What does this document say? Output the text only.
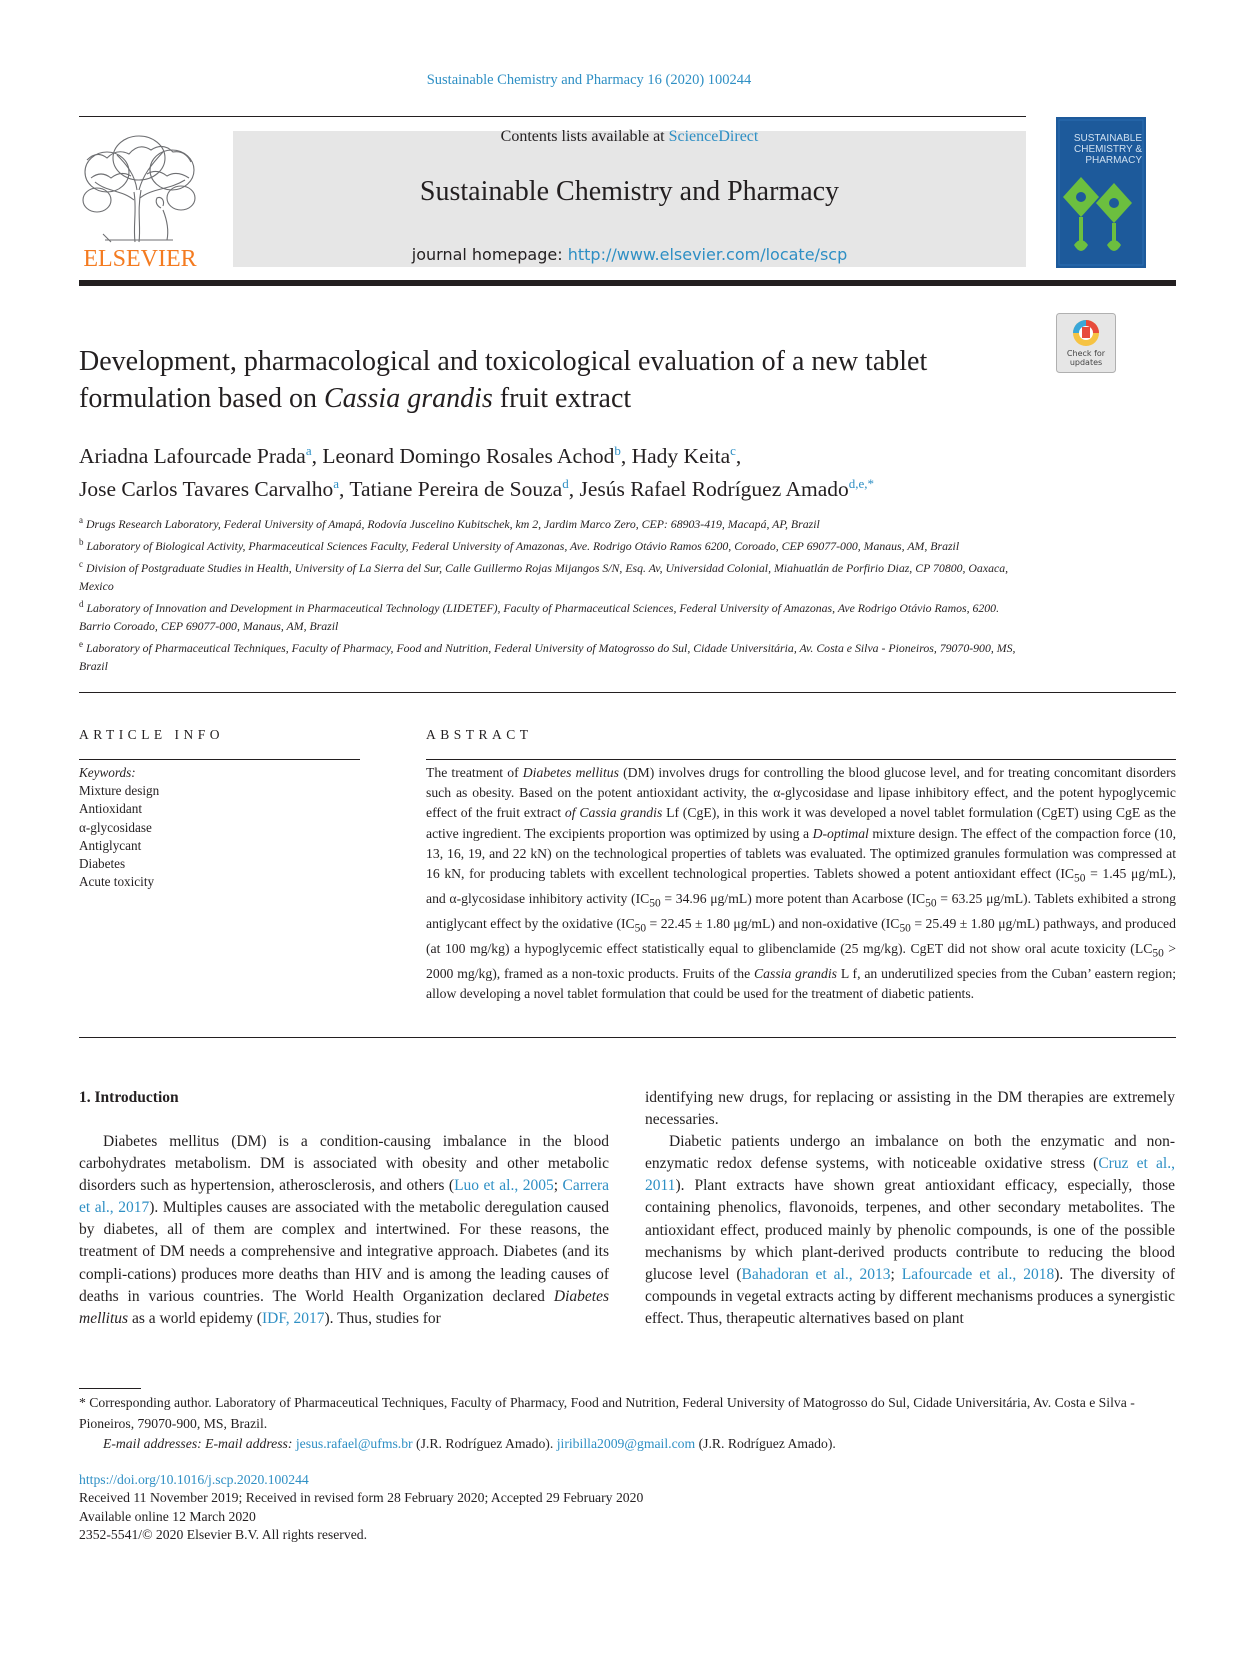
Sustainable Chemistry and Pharmacy 16 (2020) 100244
ELSEVIER
Contents lists available at ScienceDirect
Sustainable Chemistry and Pharmacy
journal homepage: http://www.elsevier.com/locate/scp
SUSTAINABLE
CHEMISTRY &
PHARMACY
Check for
updates
Development, pharmacological and toxicological evaluation of a new tablet
formulation based on Cassia grandis fruit extract
Ariadna Lafourcade Prada$^a$, Leonard Domingo Rosales Achod$^b$, Hady Keita$^c$,
Jose Carlos Tavares Carvalho$^a$, Tatiane Pereira de Souza$^d$, Jesús Rafael Rodríguez Amado$^{d,e,*}$
$^a$ Drugs Research Laboratory, Federal University of Amapá, Rodovía Juscelino Kubitschek, km 2, Jardim Marco Zero, CEP: 68903-419, Macapá, AP, Brazil
$^b$ Laboratory of Biological Activity, Pharmaceutical Sciences Faculty, Federal University of Amazonas, Ave. Rodrigo Otávio Ramos 6200, Coroado, CEP 69077-000, Manaus, AM, Brazil
$^c$ Division of Postgraduate Studies in Health, University of La Sierra del Sur, Calle Guillermo Rojas Mijangos S/N, Esq. Av, Universidad Colonial, Miahuatlán de Porfirio Diaz, CP 70800, Oaxaca, Mexico
$^d$ Laboratory of Innovation and Development in Pharmaceutical Technology (LIDETEF), Faculty of Pharmaceutical Sciences, Federal University of Amazonas, Ave Rodrigo Otávio Ramos, 6200. Barrio Coroado, CEP 69077-000, Manaus, AM, Brazil
$^e$ Laboratory of Pharmaceutical Techniques, Faculty of Pharmacy, Food and Nutrition, Federal University of Matogrosso do Sul, Cidade Universitária, Av. Costa e Silva - Pioneiros, 79070-900, MS, Brazil
ARTICLE INFO	ABSTRACT
Keywords:
Mixture design
Antioxidant
α-glycosidase
Antiglycant
Diabetes
Acute toxicity
The treatment of Diabetes mellitus (DM) involves drugs for controlling the blood glucose level, and for treating concomitant disorders such as obesity. Based on the potent antioxidant activity, the α-glycosidase and lipase inhibitory effect, and the potent hypoglycemic effect of the fruit extract of Cassia grandis Lf (CgE), in this work it was developed a novel tablet formulation (CgET) using CgE as the active ingredient. The excipients proportion was optimized by using a D-optimal mixture design. The effect of the compaction force (10, 13, 16, 19, and 22 kN) on the technological properties of tablets was evaluated. The optimized granules formulation was compressed at 16 kN, for producing tablets with excellent technological properties. Tablets showed a potent antioxidant effect ($IC_{50} = 1.45$ μg/mL), and α-glycosidase inhibitory activity ($IC_{50} = 34.96$ μg/mL) more potent than Acarbose ($IC_{50} = 63.25$ μg/mL). Tablets exhibited a strong antiglycant effect by the oxidative ($IC_{50} = 22.45 \pm 1.80$ μg/mL) and non-oxidative ($IC_{50} = 25.49 \pm 1.80$ μg/mL) pathways, and produced (at 100 mg/kg) a hypoglycemic effect statistically equal to glibenclamide (25 mg/kg). CgET did not show oral acute toxicity ($LC_{50} > 2000$ mg/kg), framed as a non-toxic products. Fruits of the Cassia grandis L f, an underutilized species from the Cuban’ eastern region; allow developing a novel tablet formulation that could be used for the treatment of diabetic patients.
1. Introduction

Diabetes mellitus (DM) is a condition-causing imbalance in the blood carbohydrates metabolism. DM is associated with obesity and other metabolic disorders such as hypertension, atherosclerosis, and others (Luo et al., 2005; Carrera et al., 2017). Multiples causes are associated with the metabolic deregulation caused by diabetes, all of them are complex and intertwined. For these reasons, the treatment of DM needs a comprehensive and integrative approach. Diabetes (and its compli-cations) produces more deaths than HIV and is among the leading causes of deaths in various countries. The World Health Organization declared Diabetes mellitus as a world epidemy (IDF, 2017). Thus, studies for

identifying new drugs, for replacing or assisting in the DM therapies are extremely necessaries.

Diabetic patients undergo an imbalance on both the enzymatic and non-enzymatic redox defense systems, with noticeable oxidative stress (Cruz et al., 2011). Plant extracts have shown great antioxidant efficacy, especially, those containing phenolics, flavonoids, terpenes, and other secondary metabolites. The antioxidant effect, produced mainly by phenolic compounds, is one of the possible mechanisms by which plant-derived products contribute to reducing the blood glucose level (Bahadoran et al., 2013; Lafourcade et al., 2018). The diversity of compounds in vegetal extracts acting by different mechanisms produces a synergistic effect. Thus, therapeutic alternatives based on plant

* Corresponding author. Laboratory of Pharmaceutical Techniques, Faculty of Pharmacy, Food and Nutrition, Federal University of Matogrosso do Sul, Cidade Universitária, Av. Costa e Silva - Pioneiros, 79070-900, MS, Brazil.
E-mail addresses: E-mail address: jesus.rafael@ufms.br (J.R. Rodríguez Amado). jiribilla2009@gmail.com (J.R. Rodríguez Amado).
https://doi.org/10.1016/j.scp.2020.100244
Received 11 November 2019; Received in revised form 28 February 2020; Accepted 29 February 2020
Available online 12 March 2020
2352-5541/© 2020 Elsevier B.V. All rights reserved.
